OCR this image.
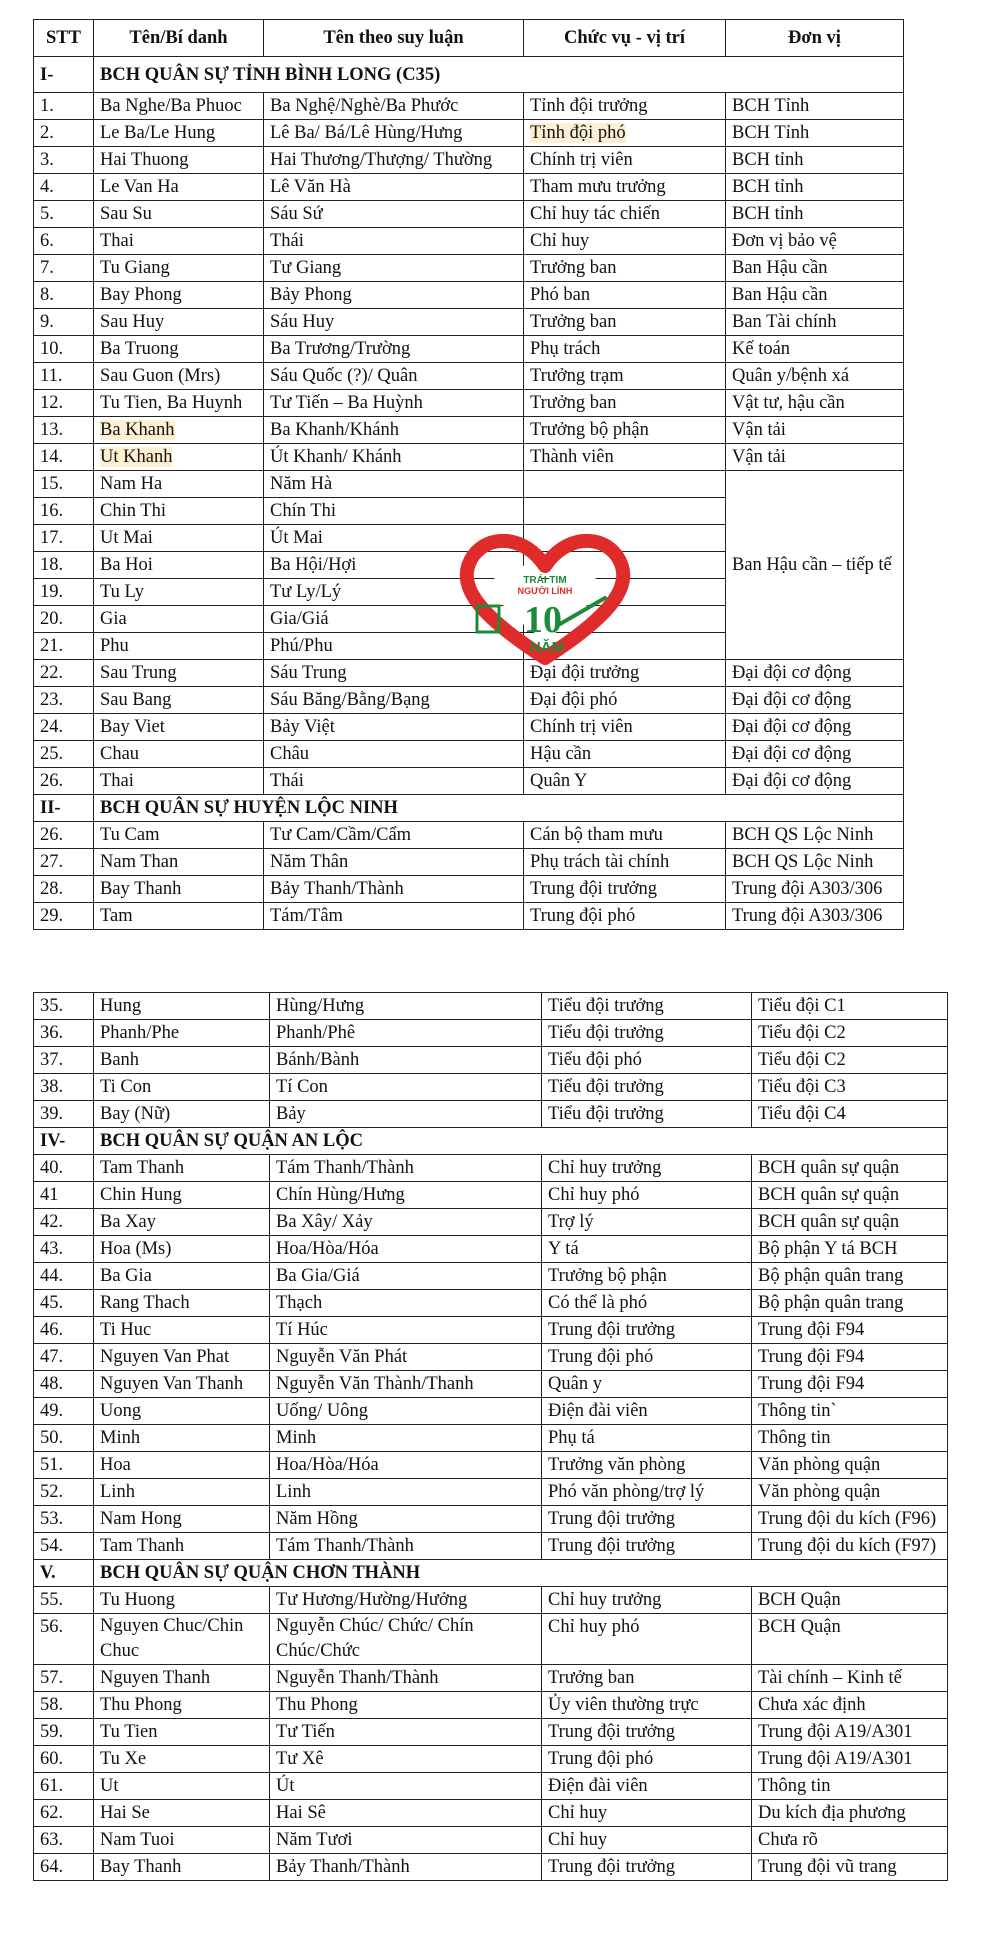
STT	Tên/Bí danh	Tên theo suy luận	Chức vụ - vị trí	Đơn vị
I-	BCH QUÂN SỰ TỈNH BÌNH LONG (C35)			
1.	Ba Nghe/Ba Phuoc	Ba Nghệ/Nghè/Ba Phước	Tỉnh đội trưởng	BCH Tỉnh
2.	Le Ba/Le Hung	Lê Ba/ Bá/Lê Hùng/Hưng	Tỉnh đội phó	BCH Tỉnh
3.	Hai Thuong	Hai Thương/Thượng/ Thường	Chính trị viên	BCH tỉnh
4.	Le Van Ha	Lê Văn Hà	Tham mưu trưởng	BCH tỉnh
5.	Sau Su	Sáu Sứ	Chỉ huy tác chiến	BCH tỉnh
6.	Thai	Thái	Chỉ huy	Đơn vị bảo vệ
7.	Tu Giang	Tư Giang	Trưởng ban	Ban Hậu cần
8.	Bay Phong	Bảy Phong	Phó ban	Ban Hậu cần
9.	Sau Huy	Sáu Huy	Trưởng ban	Ban Tài chính
10.	Ba Truong	Ba Trương/Trường	Phụ trách	Kế toán
11.	Sau Guon (Mrs)	Sáu Quốc (?)/ Quân	Trưởng trạm	Quân y/bệnh xá
12.	Tu Tien, Ba Huynh	Tư Tiến – Ba Huỳnh	Trưởng ban	Vật tư, hậu cần
13.	Ba Khanh	Ba Khanh/Khánh	Trưởng bộ phận	Vận tải
14.	Ut Khanh	Út Khanh/ Khánh	Thành viên	Vận tải
15.	Nam Ha	Năm Hà		Ban Hậu cần – tiếp tế
16.	Chin Thi	Chín Thi		
17.	Ut Mai	Út Mai		
18.	Ba Hoi	Ba Hội/Hợi		
19.	Tu Ly	Tư Ly/Lý		
20.	Gia	Gia/Giá		
21.	Phu	Phú/Phu		
22.	Sau Trung	Sáu Trung	Đại đội trưởng	Đại đội cơ động
23.	Sau Bang	Sáu Băng/Bằng/Bạng	Đại đội phó	Đại đội cơ động
24.	Bay Viet	Bảy Việt	Chính trị viên	Đại đội cơ động
25.	Chau	Châu	Hậu cần	Đại đội cơ động
26.	Thai	Thái	Quân Y	Đại đội cơ động
II-	BCH QUÂN SỰ HUYỆN LỘC NINH			
26.	Tu Cam	Tư Cam/Cầm/Cẩm	Cán bộ tham mưu	BCH QS Lộc Ninh
27.	Nam Than	Năm Thân	Phụ trách tài chính	BCH QS Lộc Ninh
28.	Bay Thanh	Bảy Thanh/Thành	Trung đội trưởng	Trung đội A303/306
29.	Tam	Tám/Tâm	Trung đội phó	Trung đội A303/306
35.	Hung	Hùng/Hưng	Tiểu đội trưởng	Tiểu đội C1
36.	Phanh/Phe	Phanh/Phê	Tiểu đội trưởng	Tiểu đội C2
37.	Banh	Bánh/Bành	Tiểu đội phó	Tiểu đội C2
38.	Ti Con	Tí Con	Tiểu đội trưởng	Tiểu đội C3
39.	Bay (Nữ)	Bảy	Tiểu đội trưởng	Tiểu đội C4
IV-	BCH QUÂN SỰ QUẬN AN LỘC			
40.	Tam Thanh	Tám Thanh/Thành	Chỉ huy trưởng	BCH quân sự quận
41	Chin Hung	Chín Hùng/Hưng	Chỉ huy phó	BCH quân sự quận
42.	Ba Xay	Ba Xây/ Xảy	Trợ lý	BCH quân sự quận
43.	Hoa (Ms)	Hoa/Hòa/Hóa	Y tá	Bộ phận Y tá BCH
44.	Ba Gia	Ba Gia/Giá	Trưởng bộ phận	Bộ phận quân trang
45.	Rang Thach	Thạch	Có thể là phó	Bộ phận quân trang
46.	Ti Huc	Tí Húc	Trung đội trưởng	Trung đội F94
47.	Nguyen Van Phat	Nguyễn Văn Phát	Trung đội phó	Trung đội F94
48.	Nguyen Van Thanh	Nguyễn Văn Thành/Thanh	Quân y	Trung đội F94
49.	Uong	Uống/ Uông	Điện đài viên	Thông tin`
50.	Minh	Minh	Phụ tá	Thông tin
51.	Hoa	Hoa/Hòa/Hóa	Trưởng văn phòng	Văn phòng quận
52.	Linh	Linh	Phó văn phòng/trợ lý	Văn phòng quận
53.	Nam Hong	Năm Hồng	Trung đội trưởng	Trung đội du kích (F96)
54.	Tam Thanh	Tám Thanh/Thành	Trung đội trưởng	Trung đội du kích (F97)
V.	BCH QUÂN SỰ QUẬN CHƠN THÀNH			
55.	Tu Huong	Tư Hương/Hường/Hưởng	Chỉ huy trưởng	BCH Quận
56.	Nguyen Chuc/Chin Chuc	Nguyễn Chúc/ Chức/ Chín Chúc/Chức	Chỉ huy phó	BCH Quận
57.	Nguyen Thanh	Nguyễn Thanh/Thành	Trưởng ban	Tài chính – Kinh tế
58.	Thu Phong	Thu Phong	Ủy viên thường trực	Chưa xác định
59.	Tu Tien	Tư Tiến	Trung đội trưởng	Trung đội A19/A301
60.	Tu Xe	Tư Xê	Trung đội phó	Trung đội A19/A301
61.	Ut	Út	Điện đài viên	Thông tin
62.	Hai Se	Hai Sê	Chỉ huy	Du kích địa phương
63.	Nam Tuoi	Năm Tươi	Chỉ huy	Chưa rõ
64.	Bay Thanh	Bảy Thanh/Thành	Trung đội trưởng	Trung đội vũ trang
TRÁI TIM
NGƯỜI LÍNH
10
NĂM
